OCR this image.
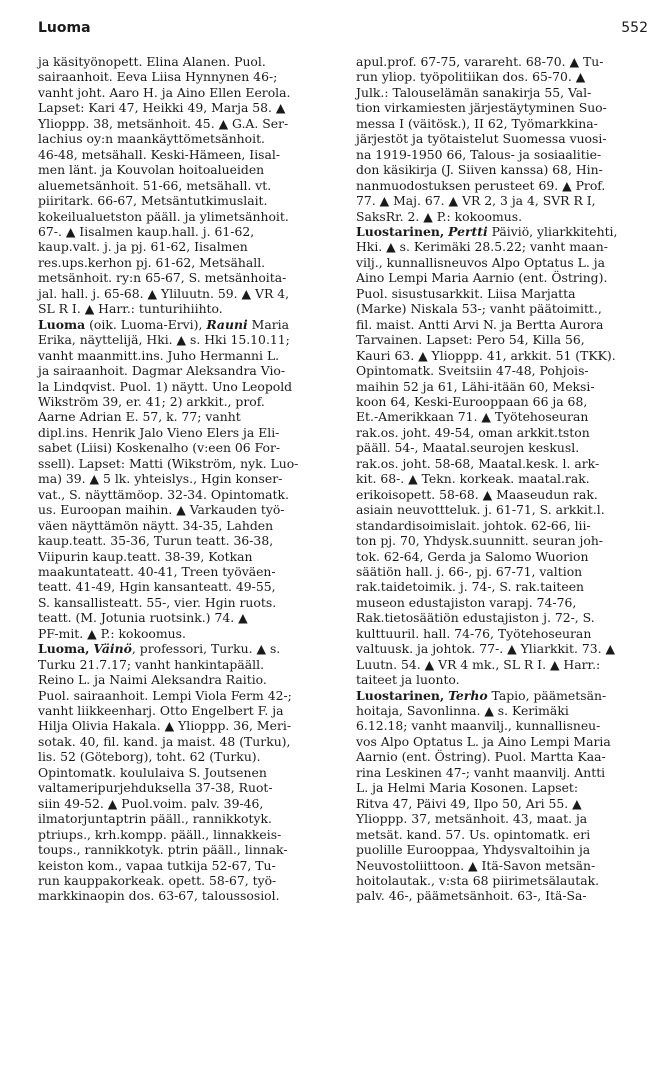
Luoma	552
ja käsityönopett. Elina Alanen. Puol.
sairaanhoit. Eeva Liisa Hynnynen 46-;
vanht joht. Aaro H. ja Aino Ellen Eerola.
Lapset: Kari 47, Heikki 49, Marja 58. ▲
Ylioppp. 38, metsänhoit. 45. ▲ G.A. Ser-
lachius oy:n maankäyttömetsänhoit.
46-48, metsähall. Keski-Hämeen, Iisal-
men länt. ja Kouvolan hoitoalueiden
aluemetsänhoit. 51-66, metsähall. vt.
piiritark. 66-67, Metsäntutkimuslait.
kokeilualuetston pääll. ja ylimetsänhoit.
67-. ▲ Iisalmen kaup.hall. j. 61-62,
kaup.valt. j. ja pj. 61-62, Iisalmen
res.ups.kerhon pj. 61-62, Metsähall.
metsänhoit. ry:n 65-67, S. metsänhoita-
jal. hall. j. 65-68. ▲ Yliluutn. 59. ▲ VR 4,
SL R I. ▲ Harr.: tunturihiihto.
Luoma (oik. Luoma-Ervi), Rauni Maria
Erika, näyttelijä, Hki. ▲ s. Hki 15.10.11;
vanht maanmitt.ins. Juho Hermanni L.
ja sairaanhoit. Dagmar Aleksandra Vio-
la Lindqvist. Puol. 1) näytt. Uno Leopold
Wikström 39, er. 41; 2) arkkit., prof.
Aarne Adrian E. 57, k. 77; vanht
dipl.ins. Henrik Jalo Vieno Elers ja Eli-
sabet (Liisi) Koskenalho (v:een 06 For-
ssell). Lapset: Matti (Wikström, nyk. Luo-
ma) 39. ▲ 5 lk. yhteislys., Hgin konser-
vat., S. näyttämöop. 32-34. Opintomatk.
us. Euroopan maihin. ▲ Varkauden työ-
väen näyttämön näytt. 34-35, Lahden
kaup.teatt. 35-36, Turun teatt. 36-38,
Viipurin kaup.teatt. 38-39, Kotkan
maakuntateatt. 40-41, Treen työväen-
teatt. 41-49, Hgin kansanteatt. 49-55,
S. kansallisteatt. 55-, vier. Hgin ruots.
teatt. (M. Jotunia ruotsink.) 74. ▲
PF-mit. ▲ P.: kokoomus.
Luoma, Väinö, professori, Turku. ▲ s.
Turku 21.7.17; vanht hankintapääll.
Reino L. ja Naimi Aleksandra Raitio.
Puol. sairaanhoit. Lempi Viola Ferm 42-;
vanht liikkeenharj. Otto Engelbert F. ja
Hilja Olivia Hakala. ▲ Ylioppp. 36, Meri-
sotak. 40, fil. kand. ja maist. 48 (Turku),
lis. 52 (Göteborg), toht. 62 (Turku).
Opintomatk. koululaiva S. Joutsenen
valtameripurjehduksella 37-38, Ruot-
siin 49-52. ▲ Puol.voim. palv. 39-46,
ilmatorjuntaptrin pääll., rannikkotyk.
ptriups., krh.kompp. pääll., linnakkeis-
toups., rannikkotyk. ptrin pääll., linnak-
keiston kom., vapaa tutkija 52-67, Tu-
run kauppakorkeak. opett. 58-67, työ-
markkinaopin dos. 63-67, taloussosiol.
apul.prof. 67-75, varareht. 68-70. ▲ Tu-
run yliop. työpolitiikan dos. 65-70. ▲
Julk.: Talouselämän sanakirja 55, Val-
tion virkamiesten järjestäytyminen Suo-
messa I (väitösk.), II 62, Työmarkkina-
järjestöt ja työtaistelut Suomessa vuosi-
na 1919-1950 66, Talous- ja sosiaalitie-
don käsikirja (J. Siiven kanssa) 68, Hin-
nanmuodostuksen perusteet 69. ▲ Prof.
77. ▲ Maj. 67. ▲ VR 2, 3 ja 4, SVR R I,
SaksRr. 2. ▲ P.: kokoomus.
Luostarinen, Pertti Päiviö, yliarkkitehti,
Hki. ▲ s. Kerimäki 28.5.22; vanht maan-
vilj., kunnallisneuvos Alpo Optatus L. ja
Aino Lempi Maria Aarnio (ent. Östring).
Puol. sisustusarkkit. Liisa Marjatta
(Marke) Niskala 53-; vanht päätoimitt.,
fil. maist. Antti Arvi N. ja Bertta Aurora
Tarvainen. Lapset: Pero 54, Killa 56,
Kauri 63. ▲ Ylioppp. 41, arkkit. 51 (TKK).
Opintomatk. Sveitsiin 47-48, Pohjois-
maihin 52 ja 61, Lähi-itään 60, Meksi-
koon 64, Keski-Eurooppaan 66 ja 68,
Et.-Amerikkaan 71. ▲ Työtehoseuran
rak.os. joht. 49-54, oman arkkit.tston
pääll. 54-, Maatal.seurojen keskusl.
rak.os. joht. 58-68, Maatal.kesk. l. ark-
kit. 68-. ▲ Tekn. korkeak. maatal.rak.
erikoisopett. 58-68. ▲ Maaseudun rak.
asiain neuvottteluk. j. 61-71, S. arkkit.l.
standardisoimislait. johtok. 62-66, lii-
ton pj. 70, Yhdysk.suunnitt. seuran joh-
tok. 62-64, Gerda ja Salomo Wuorion
säätiön hall. j. 66-, pj. 67-71, valtion
rak.taidetoimik. j. 74-, S. rak.taiteen
museon edustajiston varapj. 74-76,
Rak.tietosäätiön edustajiston j. 72-, S.
kulttuuril. hall. 74-76, Työtehoseuran
valtuusk. ja johtok. 77-. ▲ Yliarkkit. 73. ▲
Luutn. 54. ▲ VR 4 mk., SL R I. ▲ Harr.:
taiteet ja luonto.
Luostarinen, Terho Tapio, päämetsän-
hoitaja, Savonlinna. ▲ s. Kerimäki
6.12.18; vanht maanvilj., kunnallisneu-
vos Alpo Optatus L. ja Aino Lempi Maria
Aarnio (ent. Östring). Puol. Martta Kaa-
rina Leskinen 47-; vanht maanvilj. Antti
L. ja Helmi Maria Kosonen. Lapset:
Ritva 47, Päivi 49, Ilpo 50, Ari 55. ▲
Ylioppp. 37, metsänhoit. 43, maat. ja
metsät. kand. 57. Us. opintomatk. eri
puolille Eurooppaa, Yhdysvaltoihin ja
Neuvostoliittoon. ▲ Itä-Savon metsän-
hoitolautak., v:sta 68 piirimetsälautak.
palv. 46-, päämetsänhoit. 63-, Itä-Sa-
